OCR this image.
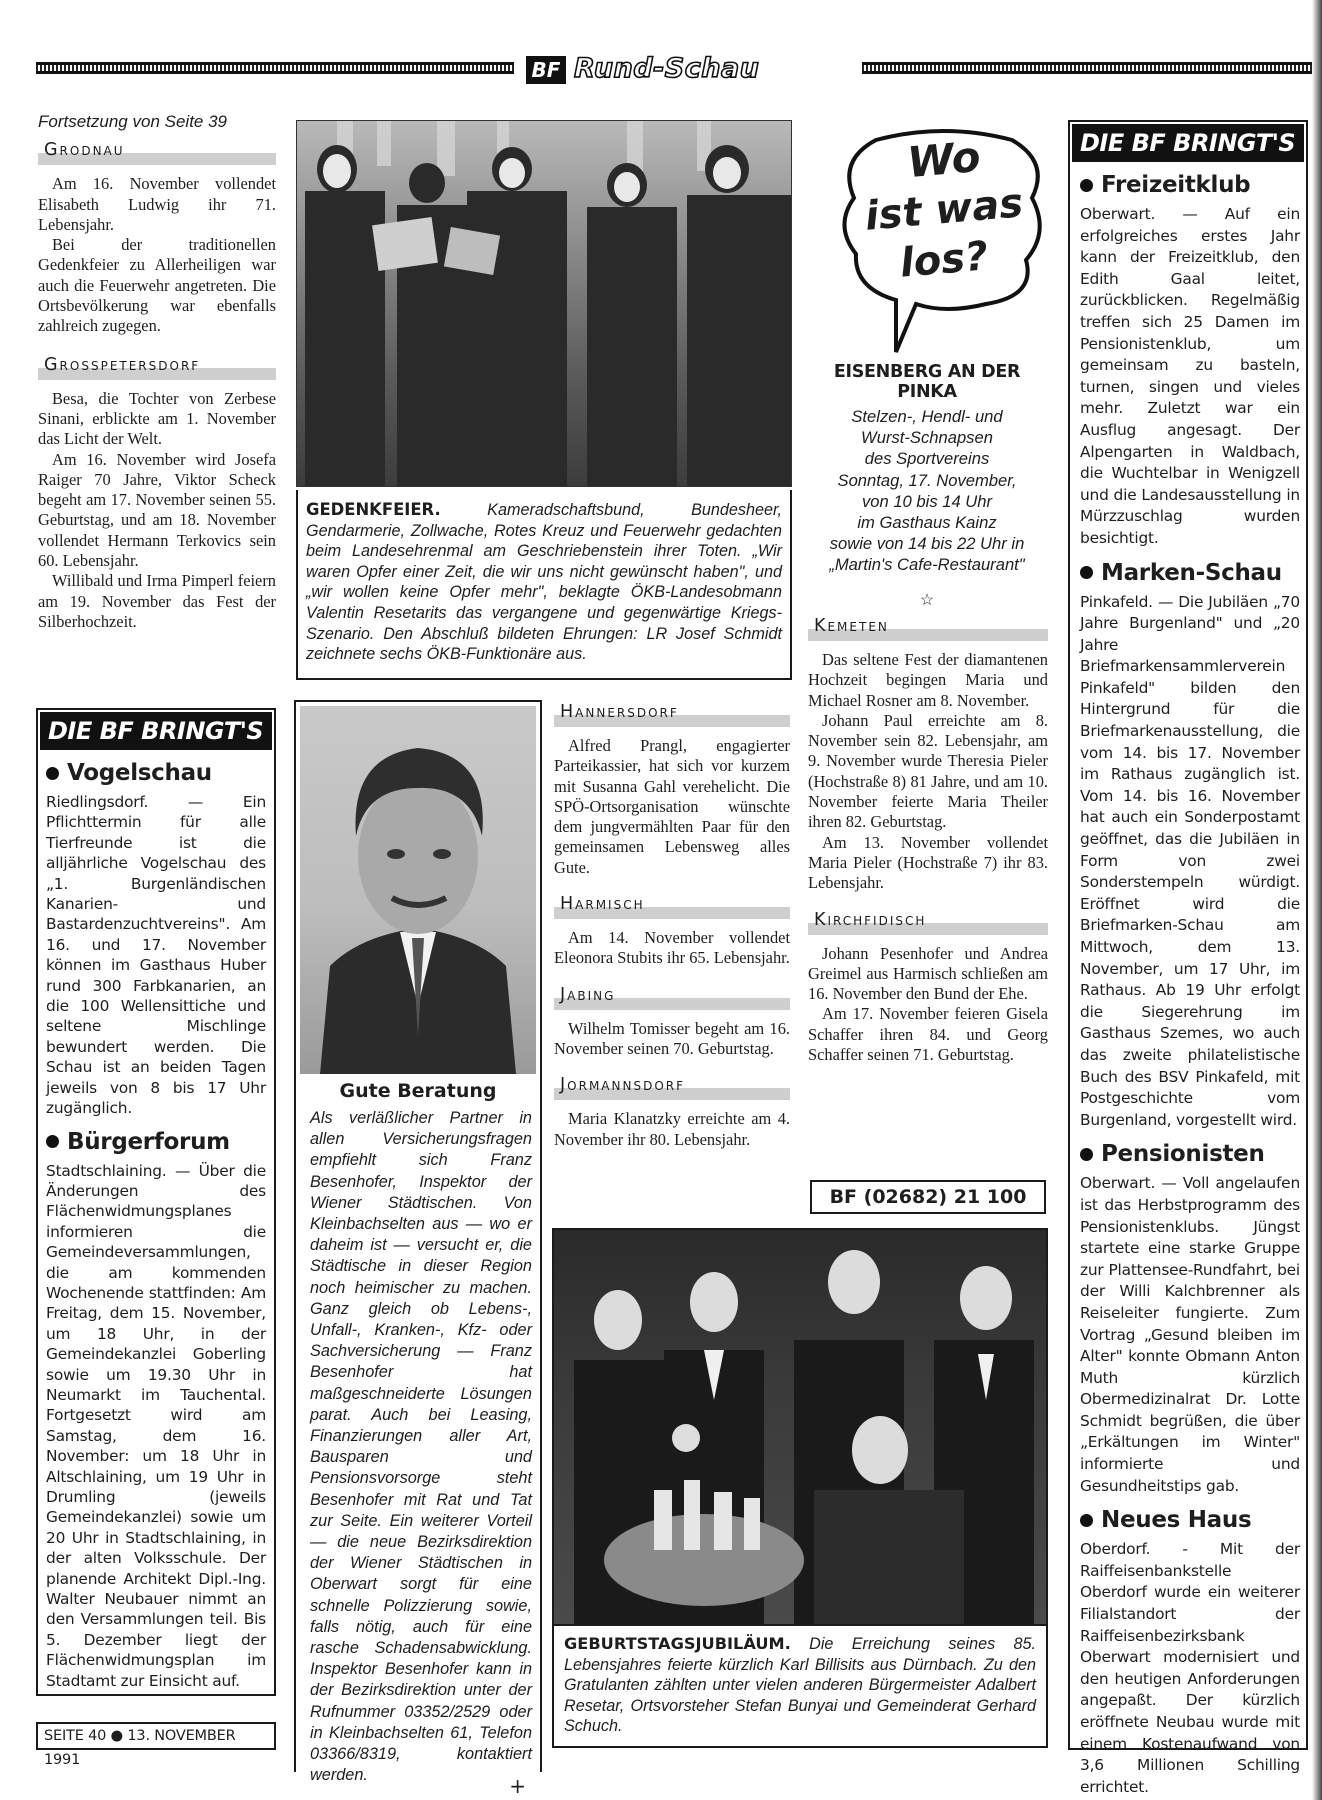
BF Rund-Schau
Fortsetzung von Seite 39
Grodnau

Am 16. November vollendet Elisabeth Ludwig ihr 71. Lebensjahr.

Bei der traditionellen Gedenkfeier zu Allerheiligen war auch die Feuerwehr angetreten. Die Ortsbevölkerung war ebenfalls zahlreich zugegen.

Grosspetersdorf

Besa, die Tochter von Zerbese Sinani, erblickte am 1. November das Licht der Welt.

Am 16. November wird Josefa Raiger 70 Jahre, Viktor Scheck begeht am 17. November seinen 55. Geburtstag, und am 18. November vollendet Hermann Terkovics sein 60. Lebensjahr.

Willibald und Irma Pimperl feiern am 19. November das Fest der Silberhochzeit.

DIE BF BRINGT'S
Vogelschau
Riedlingsdorf. — Ein Pflichttermin für alle Tierfreunde ist die alljährliche Vogelschau des „1. Burgenländischen Kanarien- und Bastardenzuchtvereins". Am 16. und 17. November können im Gasthaus Huber rund 300 Farbkanarien, an die 100 Wellensittiche und seltene Mischlinge bewundert werden. Die Schau ist an beiden Tagen jeweils von 8 bis 17 Uhr zugänglich.
Bürgerforum
Stadtschlaining. — Über die Änderungen des Flächenwidmungsplanes informieren die Gemeindeversammlungen, die am kommenden Wochenende stattfinden: Am Freitag, dem 15. November, um 18 Uhr, in der Gemeindekanzlei Goberling sowie um 19.30 Uhr in Neumarkt im Tauchental. Fortgesetzt wird am Samstag, dem 16. November: um 18 Uhr in Altschlaining, um 19 Uhr in Drumling (jeweils Gemeindekanzlei) sowie um 20 Uhr in Stadtschlaining, in der alten Volksschule. Der planende Architekt Dipl.-Ing. Walter Neubauer nimmt an den Versammlungen teil. Bis 5. Dezember liegt der Flächenwidmungsplan im Stadtamt zur Einsicht auf.
SEITE 40 ● 13. NOVEMBER 1991
GEDENKFEIER. Kameradschaftsbund, Bundesheer, Gendarmerie, Zollwache, Rotes Kreuz und Feuerwehr gedachten beim Landesehrenmal am Geschriebenstein ihrer Toten. „Wir waren Opfer einer Zeit, die wir uns nicht gewünscht haben", und „wir wollen keine Opfer mehr", beklagte ÖKB-Landesobmann Valentin Resetarits das vergangene und gegenwärtige Kriegs-Szenario. Den Abschluß bildeten Ehrungen: LR Josef Schmidt zeichnete sechs ÖKB-Funktionäre aus.
Gute Beratung
Als verläßlicher Partner in allen Versicherungsfragen empfiehlt sich Franz Besenhofer, Inspektor der Wiener Städtischen. Von Kleinbachselten aus — wo er daheim ist — versucht er, die Städtische in dieser Region noch heimischer zu machen. Ganz gleich ob Lebens-, Unfall-, Kranken-, Kfz- oder Sachversicherung — Franz Besenhofer hat maßgeschneiderte Lösungen parat. Auch bei Leasing, Finanzierungen aller Art, Bausparen und Pensionsvorsorge steht Besenhofer mit Rat und Tat zur Seite. Ein weiterer Vorteil — die neue Bezirksdirektion der Wiener Städtischen in Oberwart sorgt für eine schnelle Polizzierung sowie, falls nötig, auch für eine rasche Schadensabwicklung. Inspektor Besenhofer kann in der Bezirksdirektion unter der Rufnummer 03352/2529 oder in Kleinbachselten 61, Telefon 03366/8319, kontaktiert werden.	+
Hannersdorf

Alfred Prangl, engagierter Parteikassier, hat sich vor kurzem mit Susanna Gahl verehelicht. Die SPÖ-Ortsorganisation wünschte dem jungvermählten Paar für den gemeinsamen Lebensweg alles Gute.

Harmisch

Am 14. November vollendet Eleonora Stubits ihr 65. Lebensjahr.

Jabing

Wilhelm Tomisser begeht am 16. November seinen 70. Geburtstag.

Jormannsdorf

Maria Klanatzky erreichte am 4. November ihr 80. Lebensjahr.

Wo
ist was
los?
EISENBERG AN DER PINKA
Stelzen-, Hendl- und
Wurst-Schnapsen
des Sportvereins
Sonntag, 17. November,
von 10 bis 14 Uhr
im Gasthaus Kainz
sowie von 14 bis 22 Uhr in
„Martin's Cafe-Restaurant"
☆
Kemeten

Das seltene Fest der diamantenen Hochzeit begingen Maria und Michael Rosner am 8. November.

Johann Paul erreichte am 8. November sein 82. Lebensjahr, am 9. November wurde Theresia Pieler (Hochstraße 8) 81 Jahre, und am 10. November feierte Maria Theiler ihren 82. Geburtstag.

Am 13. November vollendet Maria Pieler (Hochstraße 7) ihr 83. Lebensjahr.

Kirchfidisch

Johann Pesenhofer und Andrea Greimel aus Harmisch schließen am 16. November den Bund der Ehe.

Am 17. November feieren Gisela Schaffer ihren 84. und Georg Schaffer seinen 71. Geburtstag.

BF (02682) 21 100
GEBURTSTAGSJUBILÄUM. Die Erreichung seines 85. Lebensjahres feierte kürzlich Karl Billisits aus Dürnbach. Zu den Gratulanten zählten unter vielen anderen Bürgermeister Adalbert Resetar, Ortsvorsteher Stefan Bunyai und Gemeinderat Gerhard Schuch.
DIE BF BRINGT'S
Freizeitklub
Oberwart. — Auf ein erfolgreiches erstes Jahr kann der Freizeitklub, den Edith Gaal leitet, zurückblicken. Regelmäßig treffen sich 25 Damen im Pensionistenklub, um gemeinsam zu basteln, turnen, singen und vieles mehr. Zuletzt war ein Ausflug angesagt. Der Alpengarten in Waldbach, die Wuchtelbar in Wenigzell und die Landesausstellung in Mürzzuschlag wurden besichtigt.
Marken-Schau
Pinkafeld. — Die Jubiläen „70 Jahre Burgenland" und „20 Jahre Briefmarkensammlerverein Pinkafeld" bilden den Hintergrund für die Briefmarkenausstellung, die vom 14. bis 17. November im Rathaus zugänglich ist. Vom 14. bis 16. November hat auch ein Sonderpostamt geöffnet, das die Jubiläen in Form von zwei Sonderstempeln würdigt. Eröffnet wird die Briefmarken-Schau am Mittwoch, dem 13. November, um 17 Uhr, im Rathaus. Ab 19 Uhr erfolgt die Siegerehrung im Gasthaus Szemes, wo auch das zweite philatelistische Buch des BSV Pinkafeld, mit Postgeschichte vom Burgenland, vorgestellt wird.
Pensionisten
Oberwart. — Voll angelaufen ist das Herbstprogramm des Pensionistenklubs. Jüngst startete eine starke Gruppe zur Plattensee-Rundfahrt, bei der Willi Kalchbrenner als Reiseleiter fungierte. Zum Vortrag „Gesund bleiben im Alter" konnte Obmann Anton Muth kürzlich Obermedizinalrat Dr. Lotte Schmidt begrüßen, die über „Erkältungen im Winter" informierte und Gesundheitstips gab.
Neues Haus
Oberdorf. - Mit der Raiffeisenbankstelle Oberdorf wurde ein weiterer Filialstandort der Raiffeisenbezirksbank Oberwart modernisiert und den heutigen Anforderungen angepaßt. Der kürzlich eröffnete Neubau wurde mit einem Kostenaufwand von 3,6 Millionen Schilling errichtet.
